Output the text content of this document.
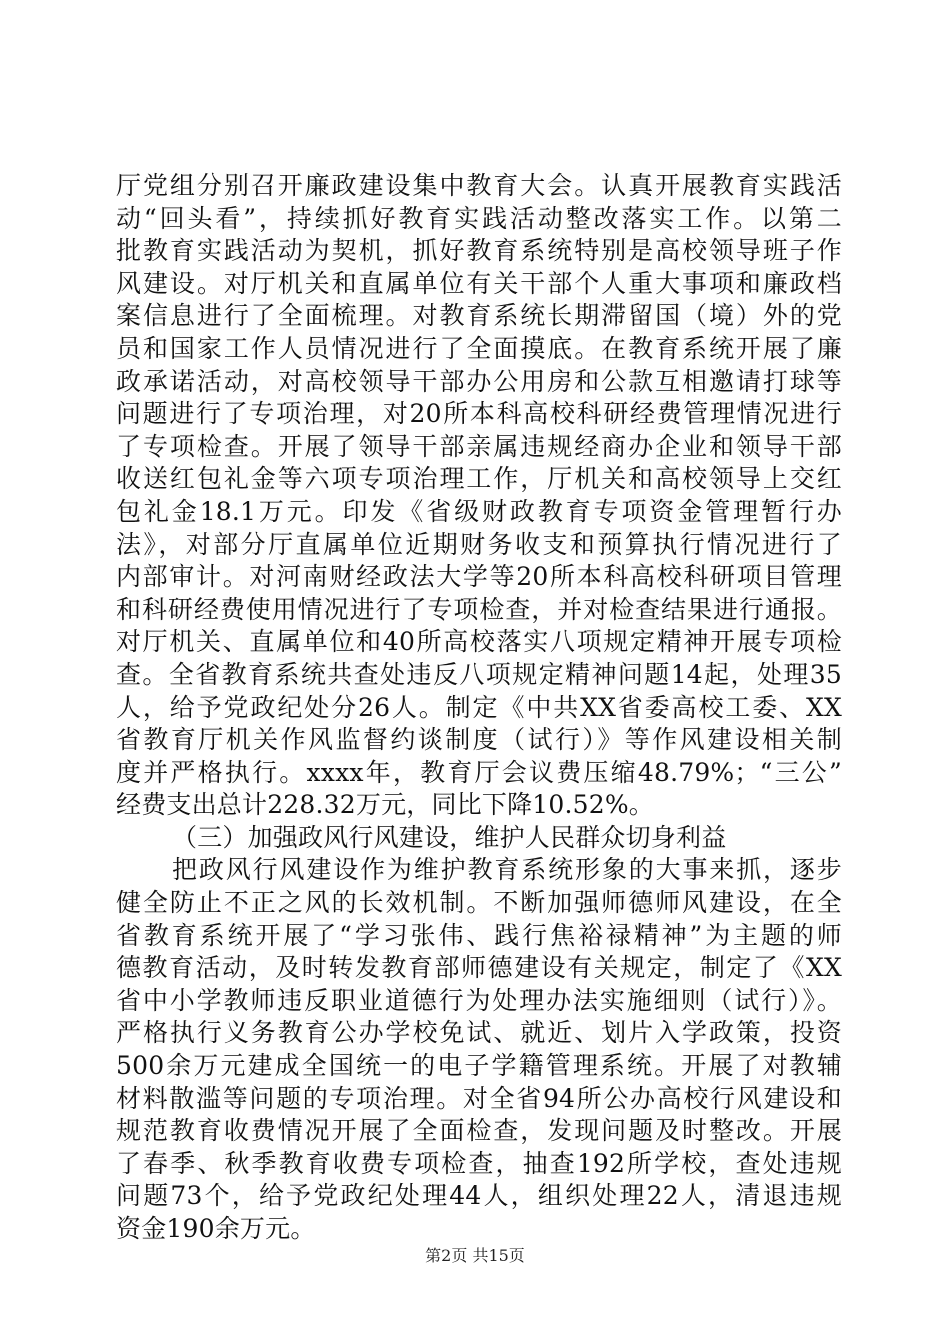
厅党组分别召开廉政建设集中教育大会。认真开展教育实践活
动“回头看”，持续抓好教育实践活动整改落实工作。以第二
批教育实践活动为契机，抓好教育系统特别是高校领导班子作
风建设。对厅机关和直属单位有关干部个人重大事项和廉政档
案信息进行了全面梳理。对教育系统长期滞留国（境）外的党
员和国家工作人员情况进行了全面摸底。在教育系统开展了廉
政承诺活动，对高校领导干部办公用房和公款互相邀请打球等
问题进行了专项治理，对20所本科高校科研经费管理情况进行
了专项检查。开展了领导干部亲属违规经商办企业和领导干部
收送红包礼金等六项专项治理工作，厅机关和高校领导上交红
包礼金18.1万元。印发《省级财政教育专项资金管理暂行办
法》，对部分厅直属单位近期财务收支和预算执行情况进行了
内部审计。对河南财经政法大学等20所本科高校科研项目管理
和科研经费使用情况进行了专项检查，并对检查结果进行通报。
对厅机关、直属单位和40所高校落实八项规定精神开展专项检
查。全省教育系统共查处违反八项规定精神问题14起，处理35
人，给予党政纪处分26人。制定《中共XX省委高校工委、XX
省教育厅机关作风监督约谈制度（试行）》等作风建设相关制
度并严格执行。xxxx年，教育厅会议费压缩48.79%；“三公”
经费支出总计228.32万元，同比下降10.52%。
（三）加强政风行风建设，维护人民群众切身利益
把政风行风建设作为维护教育系统形象的大事来抓，逐步
健全防止不正之风的长效机制。不断加强师德师风建设，在全
省教育系统开展了“学习张伟、践行焦裕禄精神”为主题的师
德教育活动，及时转发教育部师德建设有关规定，制定了《XX
省中小学教师违反职业道德行为处理办法实施细则（试行）》。
严格执行义务教育公办学校免试、就近、划片入学政策，投资
500余万元建成全国统一的电子学籍管理系统。开展了对教辅
材料散滥等问题的专项治理。对全省94所公办高校行风建设和
规范教育收费情况开展了全面检查，发现问题及时整改。开展
了春季、秋季教育收费专项检查，抽查192所学校，查处违规
问题73个，给予党政纪处理44人，组织处理22人，清退违规
资金190余万元。
第2页 共15页
